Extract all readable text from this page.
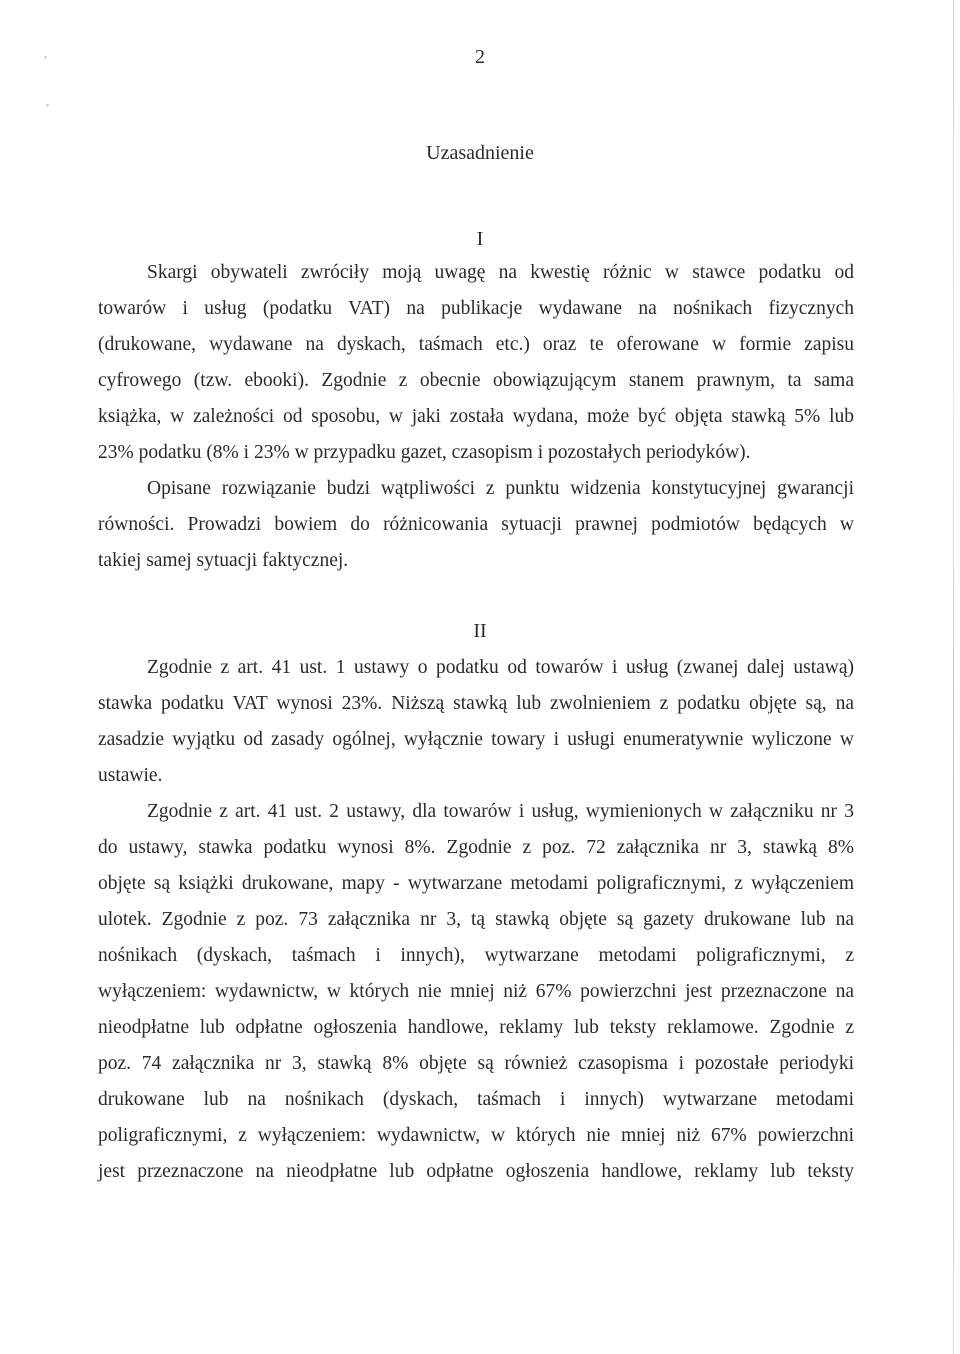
2
Uzasadnienie
I
Skargi obywateli zwróciły moją uwagę na kwestię różnic w stawce podatku od
towarów i usług (podatku VAT) na publikacje wydawane na nośnikach fizycznych
(drukowane, wydawane na dyskach, taśmach etc.) oraz te oferowane w formie zapisu
cyfrowego (tzw. ebooki). Zgodnie z obecnie obowiązującym stanem prawnym, ta sama
książka, w zależności od sposobu, w jaki została wydana, może być objęta stawką 5% lub
23% podatku (8% i 23% w przypadku gazet, czasopism i pozostałych periodyków).
Opisane rozwiązanie budzi wątpliwości z punktu widzenia konstytucyjnej gwarancji
równości. Prowadzi bowiem do różnicowania sytuacji prawnej podmiotów będących w
takiej samej sytuacji faktycznej.
II
Zgodnie z art. 41 ust. 1 ustawy o podatku od towarów i usług (zwanej dalej ustawą)
stawka podatku VAT wynosi 23%. Niższą stawką lub zwolnieniem z podatku objęte są, na
zasadzie wyjątku od zasady ogólnej, wyłącznie towary i usługi enumeratywnie wyliczone w
ustawie.
Zgodnie z art. 41 ust. 2 ustawy, dla towarów i usług, wymienionych w załączniku nr 3
do ustawy, stawka podatku wynosi 8%. Zgodnie z poz. 72 załącznika nr 3, stawką 8%
objęte są książki drukowane, mapy - wytwarzane metodami poligraficznymi, z wyłączeniem
ulotek. Zgodnie z poz. 73 załącznika nr 3, tą stawką objęte są gazety drukowane lub na
nośnikach (dyskach, taśmach i innych), wytwarzane metodami poligraficznymi, z
wyłączeniem: wydawnictw, w których nie mniej niż 67% powierzchni jest przeznaczone na
nieodpłatne lub odpłatne ogłoszenia handlowe, reklamy lub teksty reklamowe. Zgodnie z
poz. 74 załącznika nr 3, stawką 8% objęte są również czasopisma i pozostałe periodyki
drukowane lub na nośnikach (dyskach, taśmach i innych) wytwarzane metodami
poligraficznymi, z wyłączeniem: wydawnictw, w których nie mniej niż 67% powierzchni
jest przeznaczone na nieodpłatne lub odpłatne ogłoszenia handlowe, reklamy lub teksty
